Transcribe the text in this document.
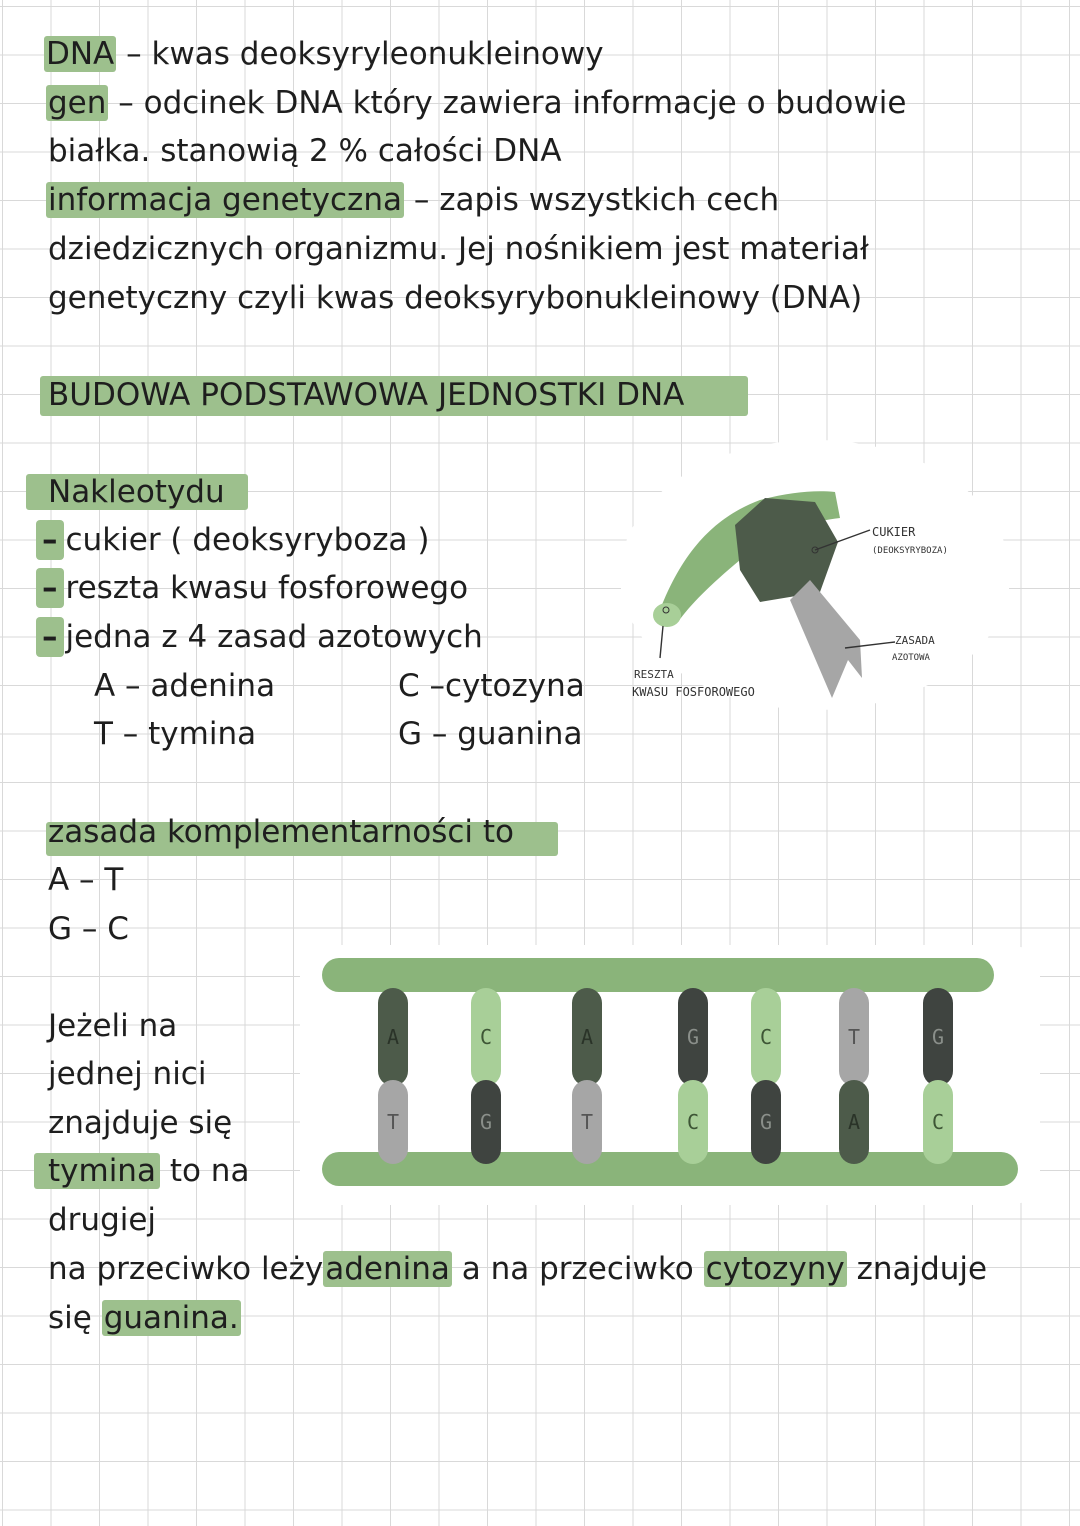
DNA – kwas deoksyryleonukleinowy
gen – odcinek DNA który zawiera informacje o budowie
białka. stanowią 2 % całości DNA
informacja genetyczna – zapis wszystkich cech
dziedzicznych organizmu. Jej nośnikiem jest materiał
genetyczny czyli kwas deoksyrybonukleinowy (DNA)
BUDOWA PODSTAWOWA JEDNOSTKI DNA
Nakleotydu
– cukier ( deoksyryboza )
– reszta kwasu fosforowego
– jedna z 4 zasad azotowych
A – adenina	C –cytozyna
T – tymina	G – guanina
CUKIER
(DEOKSYRYBOZA)
ZASADA
AZOTOWA
RESZTA
KWASU FOSFOROWEGO
zasada komplementarności to
A – T
G – C
A
T
C
G
A
T
G
C
C
G
T
A
G
C
Jeżeli na
jednej nici
znajduje się
tymina to na
drugiej
na przeciwko leżyadenina a na przeciwko cytozyny znajduje
się guanina.
